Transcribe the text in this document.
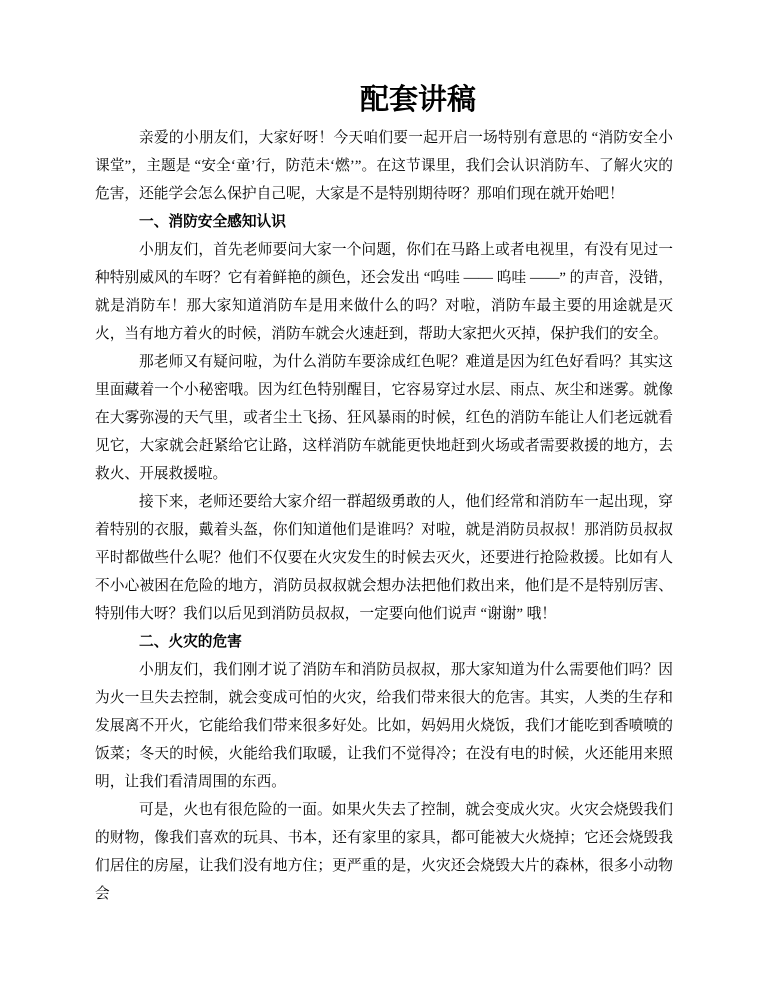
配套讲稿

亲爱的小朋友们，大家好呀！今天咱们要一起开启一场特别有意思的 “消防安全小课堂”，主题是 “安全‘童’行，防范未‘燃’”。在这节课里，我们会认识消防车、了解火灾的危害，还能学会怎么保护自己呢，大家是不是特别期待呀？那咱们现在就开始吧！

一、消防安全感知认识

小朋友们，首先老师要问大家一个问题，你们在马路上或者电视里，有没有见过一种特别威风的车呀？它有着鲜艳的颜色，还会发出 “呜哇 —— 呜哇 ——” 的声音，没错，就是消防车！那大家知道消防车是用来做什么的吗？对啦，消防车最主要的用途就是灭火，当有地方着火的时候，消防车就会火速赶到，帮助大家把火灭掉，保护我们的安全。

那老师又有疑问啦，为什么消防车要涂成红色呢？难道是因为红色好看吗？其实这里面藏着一个小秘密哦。因为红色特别醒目，它容易穿过水层、雨点、灰尘和迷雾。就像在大雾弥漫的天气里，或者尘土飞扬、狂风暴雨的时候，红色的消防车能让人们老远就看见它，大家就会赶紧给它让路，这样消防车就能更快地赶到火场或者需要救援的地方，去救火、开展救援啦。

接下来，老师还要给大家介绍一群超级勇敢的人，他们经常和消防车一起出现，穿着特别的衣服，戴着头盔，你们知道他们是谁吗？对啦，就是消防员叔叔！那消防员叔叔平时都做些什么呢？他们不仅要在火灾发生的时候去灭火，还要进行抢险救援。比如有人不小心被困在危险的地方，消防员叔叔就会想办法把他们救出来，他们是不是特别厉害、特别伟大呀？我们以后见到消防员叔叔，一定要向他们说声 “谢谢” 哦！

二、火灾的危害

小朋友们，我们刚才说了消防车和消防员叔叔，那大家知道为什么需要他们吗？因为火一旦失去控制，就会变成可怕的火灾，给我们带来很大的危害。其实，人类的生存和发展离不开火，它能给我们带来很多好处。比如，妈妈用火烧饭，我们才能吃到香喷喷的饭菜；冬天的时候，火能给我们取暖，让我们不觉得冷；在没有电的时候，火还能用来照明，让我们看清周围的东西。

可是，火也有很危险的一面。如果火失去了控制，就会变成火灾。火灾会烧毁我们的财物，像我们喜欢的玩具、书本，还有家里的家具，都可能被大火烧掉；它还会烧毁我们居住的房屋，让我们没有地方住；更严重的是，火灾还会烧毁大片的森林，很多小动物会
